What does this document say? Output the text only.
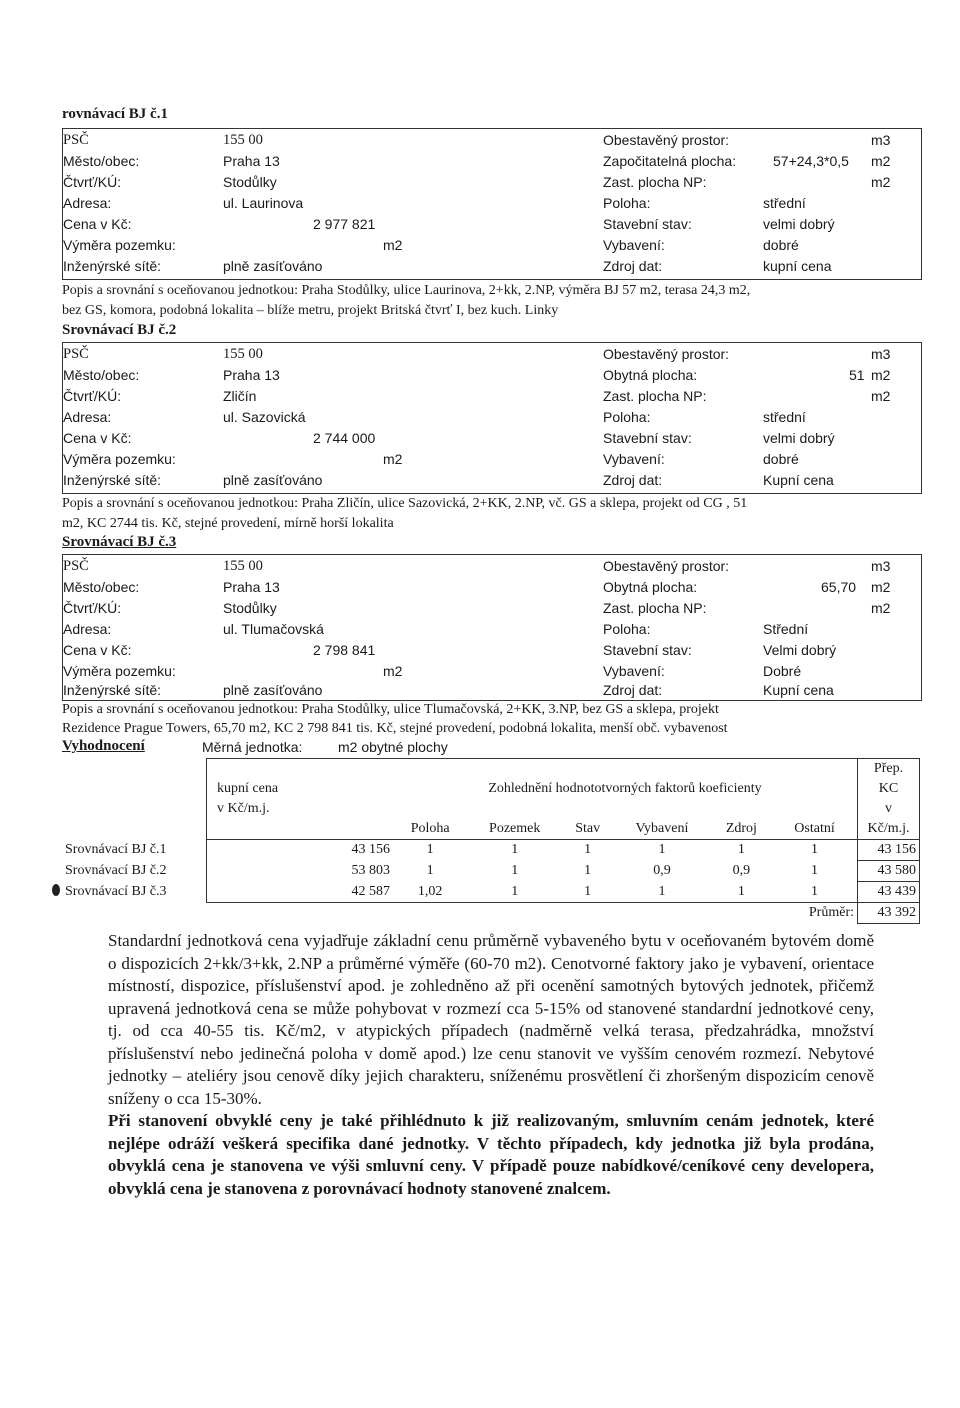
rovnávací BJ č.1
PSČ	155 00
Město/obec:	Praha 13
Čtvrť/KÚ:	Stodůlky
Adresa:	ul. Laurinova
Cena v Kč:	2 977 821
Výměra pozemku:	m2
Inženýrské sítě:	plně zasíťováno
Obestavěný prostor:	m3
Započitatelná plocha:	57+24,3*0,5 m2
Zast. plocha NP:	m2
Poloha:	střední
Stavební stav:	velmi dobrý
Vybavení:	dobré
Zdroj dat:	kupní cena
Popis a srovnání s oceňovanou jednotkou: Praha Stodůlky, ulice Laurinova, 2+kk, 2.NP, výměra BJ 57 m2, terasa 24,3 m2,
bez GS, komora, podobná lokalita – blíže metru, projekt Britská čtvrť I, bez kuch. Linky
Srovnávací BJ č.2
PSČ	155 00
Město/obec:	Praha 13
Čtvrť/KÚ:	Zličín
Adresa:	ul. Sazovická
Cena v Kč:	2 744 000
Výměra pozemku:	m2
Inženýrské sítě:	plně zasíťováno
Obestavěný prostor:	m3
Obytná plocha:	51 m2
Zast. plocha NP:	m2
Poloha:	střední
Stavební stav:	velmi dobrý
Vybavení:	dobré
Zdroj dat:	Kupní cena
Popis a srovnání s oceňovanou jednotkou: Praha Zličín, ulice Sazovická, 2+KK, 2.NP, vč. GS a sklepa, projekt od CG , 51
m2, KC 2744 tis. Kč, stejné provedení, mírně horší lokalita
Srovnávací BJ č.3
PSČ	155 00
Město/obec:	Praha 13
Čtvrť/KÚ:	Stodůlky
Adresa:	ul. Tlumačovská
Cena v Kč:	2 798 841
Výměra pozemku:	m2
Inženýrské sítě:	plně zasíťováno
Obestavěný prostor:	m3
Obytná plocha:	65,70 m2
Zast. plocha NP:	m2
Poloha:	Střední
Stavební stav:	Velmi dobrý
Vybavení:	Dobré
Zdroj dat:	Kupní cena
Popis a srovnání s oceňovanou jednotkou: Praha Stodůlky, ulice Tlumačovská, 2+KK, 3.NP, bez GS a sklepa, projekt
Rezidence Prague Towers, 65,70 m2, KC 2 798 841 tis. Kč, stejné provedení, podobná lokalita, menší obč. vybavenost
Vyhodnocení	Měrná jednotka:	m2 obytné plochy
								Přep.
	kupní cena	Zohlednění hodnototvorných faktorů koeficienty						KC
	v Kč/m.j.							v
		Poloha	Pozemek	Stav	Vybavení	Zdroj	Ostatní	Kč/m.j.
Srovnávací BJ č.1	43 156	1	1	1	1	1	1	43 156
Srovnávací BJ č.2	53 803	1	1	1	0,9	0,9	1	43 580
Srovnávací BJ č.3	42 587	1,02	1	1	1	1	1	43 439
							Průměr:	43 392

Standardní jednotková cena vyjadřuje základní cenu průměrně vybaveného bytu v oceňovaném bytovém domě o dispozicích 2+kk/3+kk, 2.NP a průměrné výměře (60-70 m2). Cenotvorné faktory jako je vybavení, orientace místností, dispozice, příslušenství apod. je zohledněno až při ocenění samotných bytových jednotek, přičemž upravená jednotková cena se může pohybovat v rozmezí cca 5-15% od stanovené standardní jednotkové ceny, tj. od cca 40-55 tis. Kč/m2, v atypických případech (nadměrně velká terasa, předzahrádka, množství příslušenství nebo jedinečná poloha v domě apod.) lze cenu stanovit ve vyšším cenovém rozmezí. Nebytové jednotky – ateliéry jsou cenově díky jejich charakteru, sníženému prosvětlení či zhoršeným dispozicím cenově sníženy o cca 15-30%.

Při stanovení obvyklé ceny je také přihlédnuto k již realizovaným, smluvním cenám jednotek, které nejlépe odráží veškerá specifika dané jednotky. V těchto případech, kdy jednotka již byla prodána, obvyklá cena je stanovena ve výši smluvní ceny. V případě pouze nabídkové/ceníkové ceny developera, obvyklá cena je stanovena z porovnávací hodnoty stanovené znalcem.
